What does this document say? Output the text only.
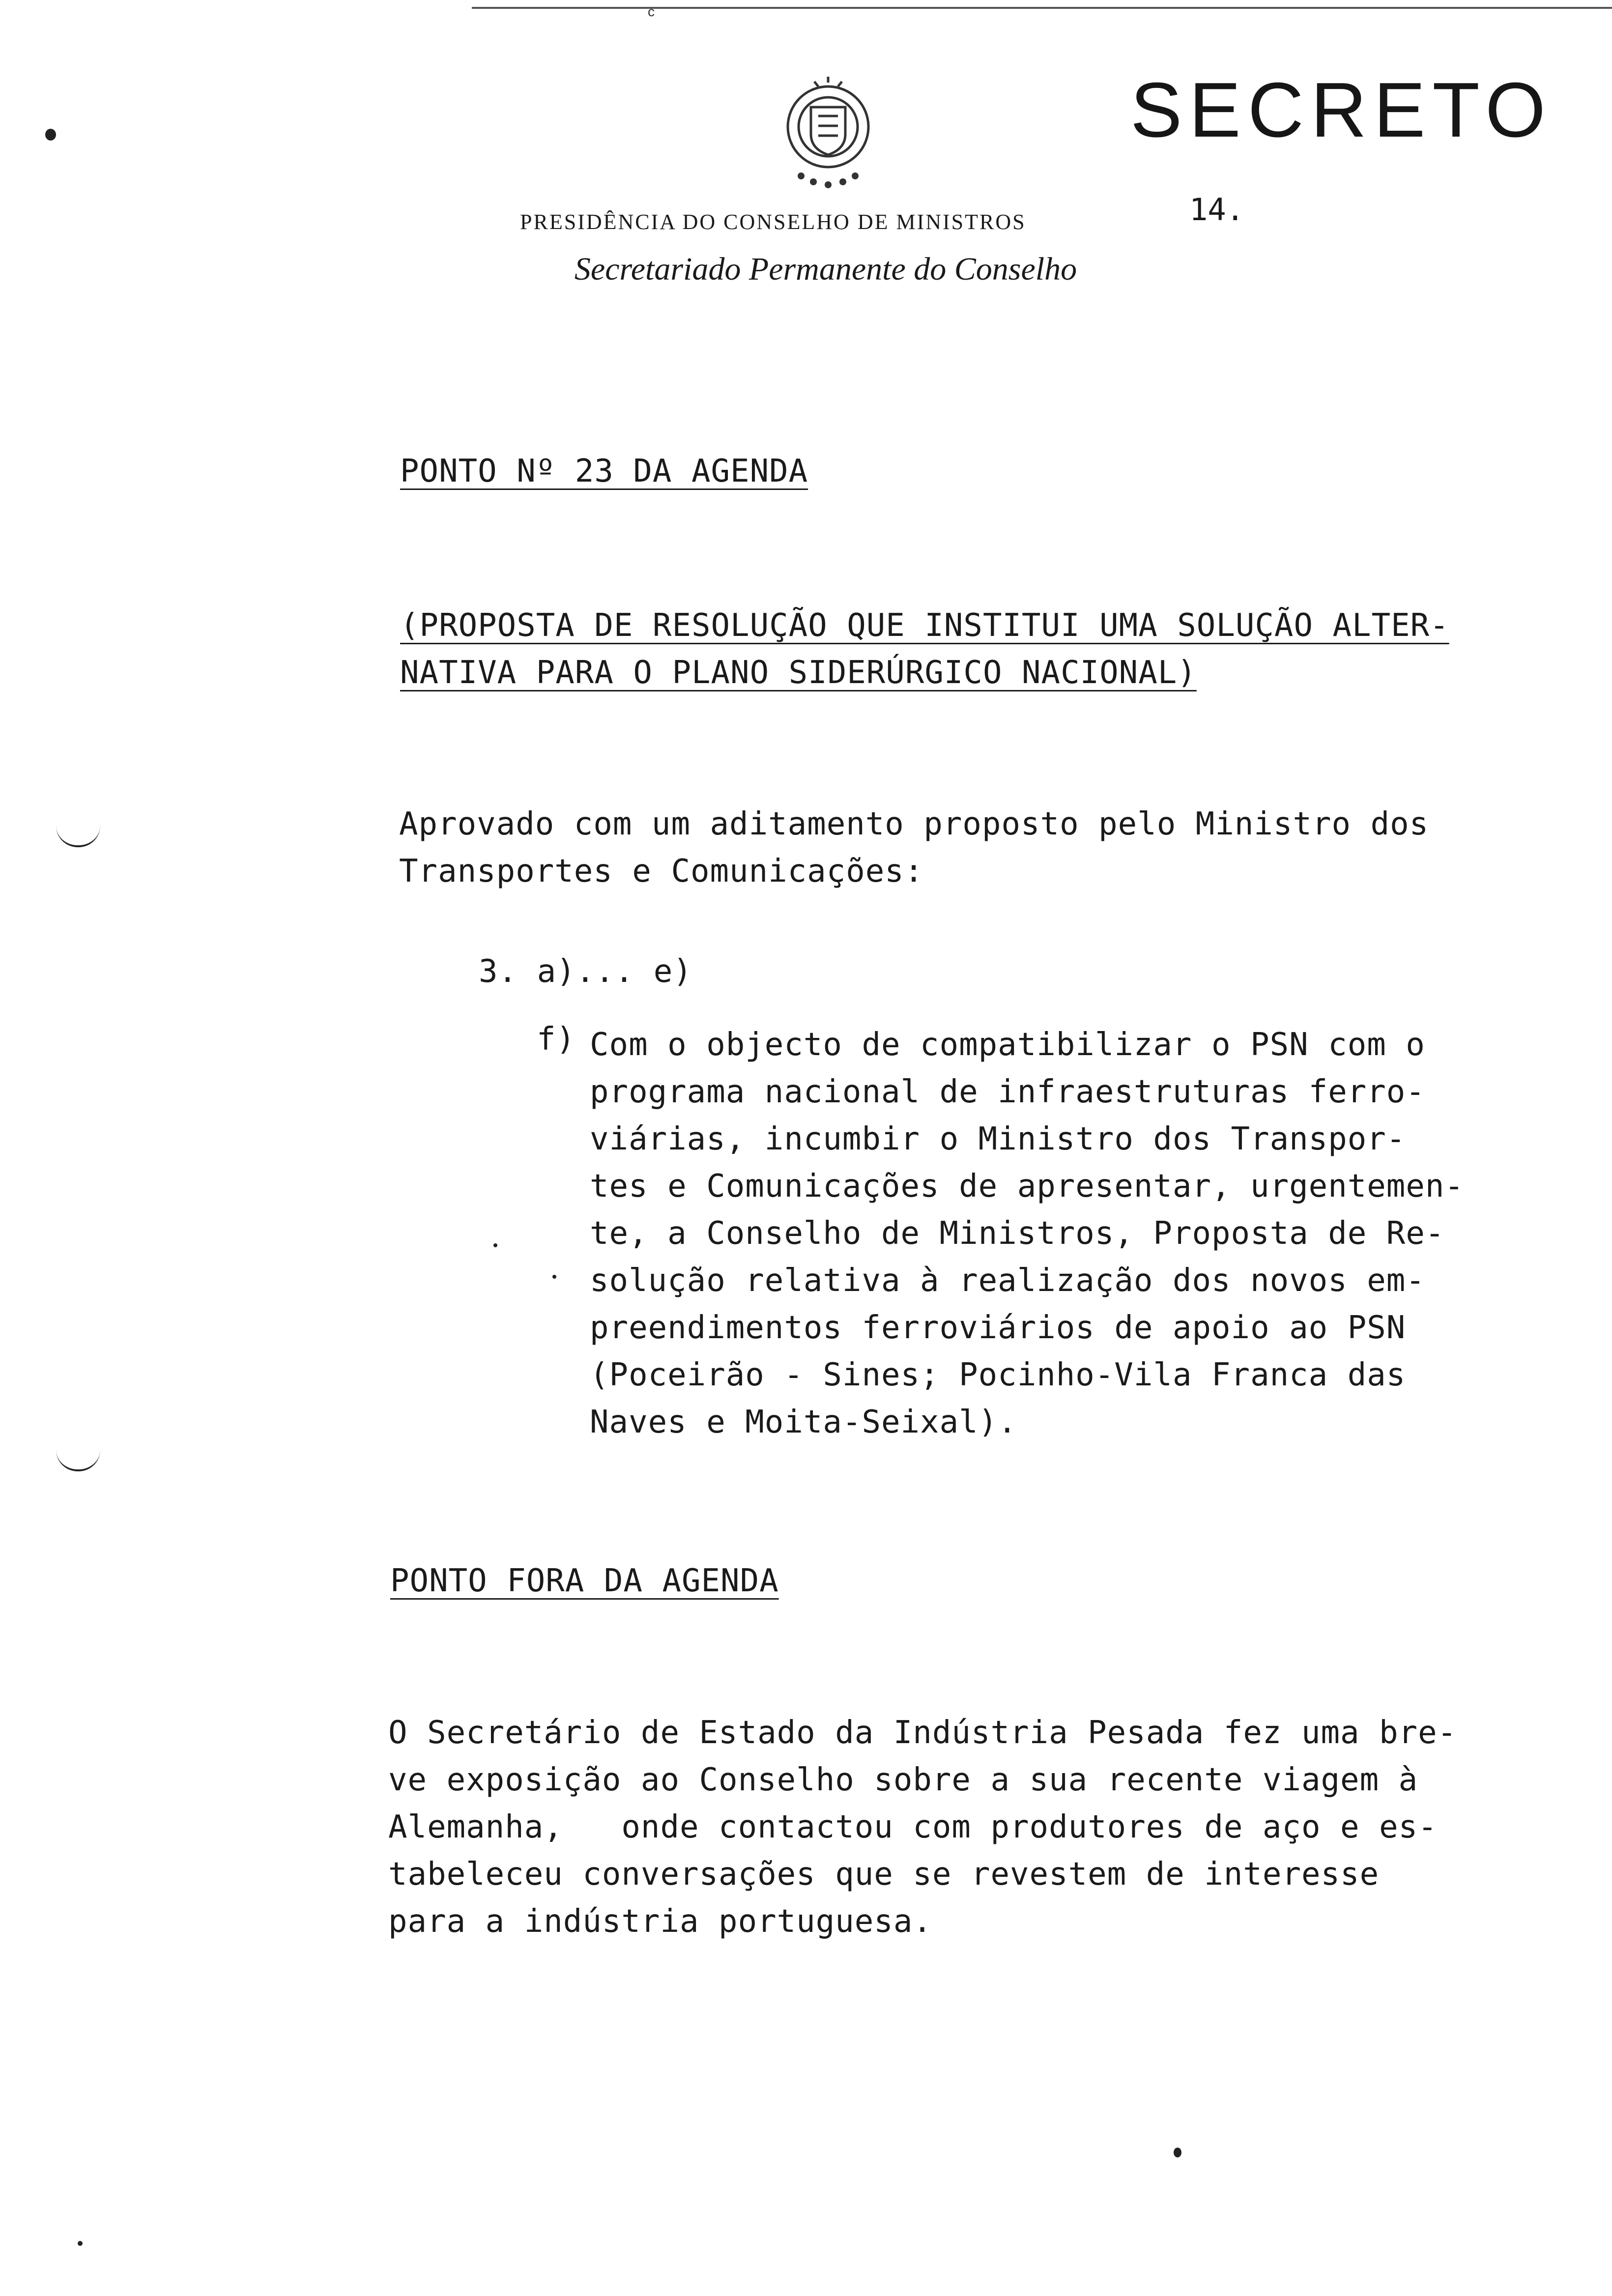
c
SECRETO
14.
PRESIDÊNCIA DO CONSELHO DE MINISTROS
Secretariado Permanente do Conselho
PONTO Nº 23 DA AGENDA
(PROPOSTA DE RESOLUÇÃO QUE INSTITUI UMA SOLUÇÃO ALTER-
NATIVA PARA O PLANO SIDERÚRGICO NACIONAL)
Aprovado com um aditamento proposto pelo Ministro dos
Transportes e Comunicações:
3. a)... e)
f) Com o objecto de compatibilizar o PSN com o
programa nacional de infraestruturas ferro-
viárias, incumbir o Ministro dos Transpor-
tes e Comunicações de apresentar, urgentemen-
te, a Conselho de Ministros, Proposta de Re-
solução relativa à realização dos novos em-
preendimentos ferroviários de apoio ao PSN
(Poceirão - Sines; Pocinho-Vila Franca das
Naves e Moita-Seixal).
PONTO FORA DA AGENDA
O Secretário de Estado da Indústria Pesada fez uma bre-
ve exposição ao Conselho sobre a sua recente viagem à
Alemanha,   onde contactou com produtores de aço e es-
tabeleceu conversações que se revestem de interesse
para a indústria portuguesa.
